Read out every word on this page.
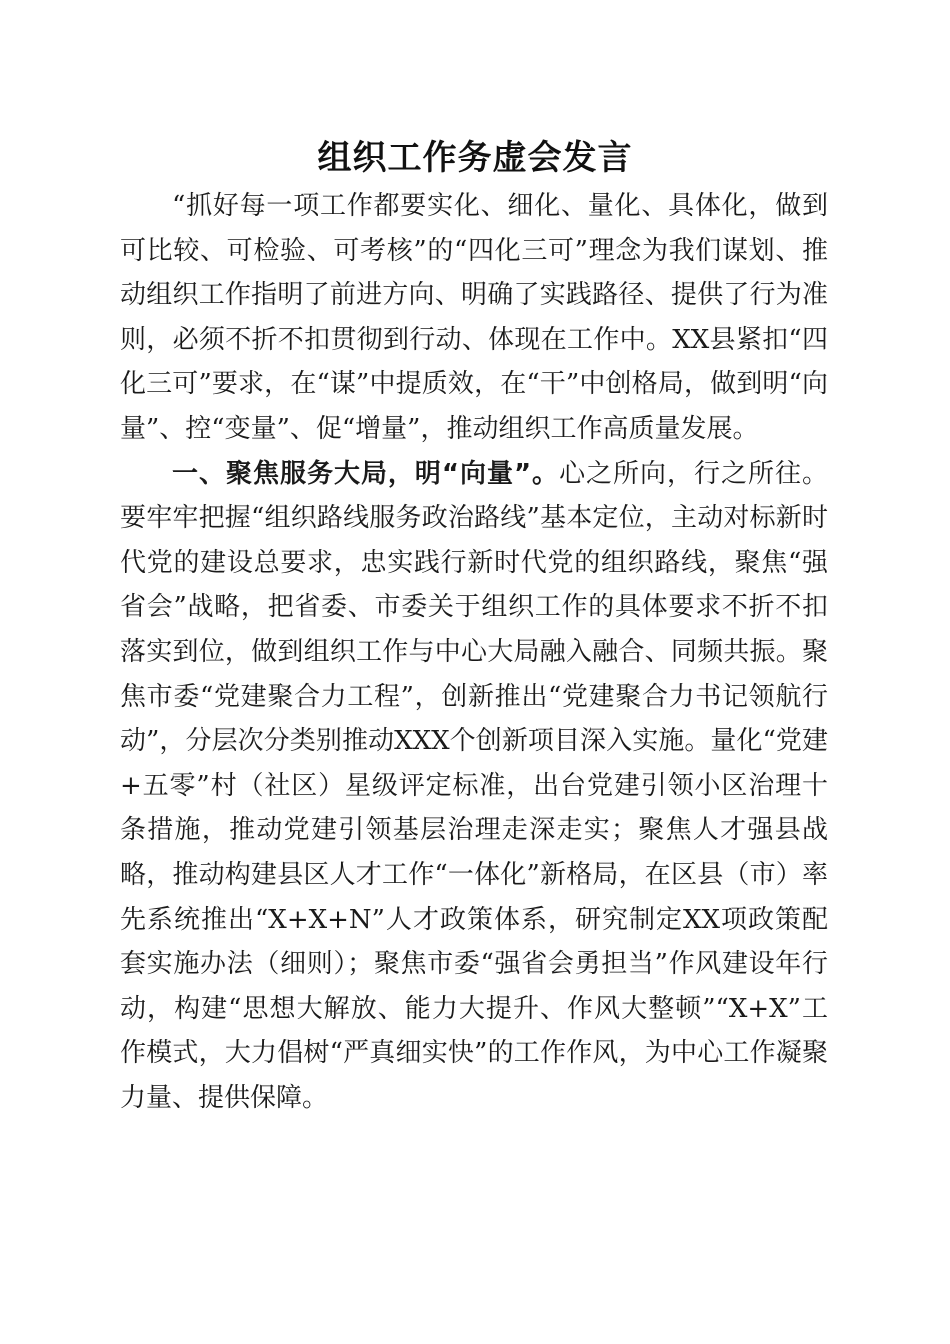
组织工作务虚会发言

“抓好每一项工作都要实化、细化、量化、具体化，做到可比较、可检验、可考核”的“四化三可”理念为我们谋划、推动组织工作指明了前进方向、明确了实践路径、提供了行为准则，必须不折不扣贯彻到行动、体现在工作中。XX县紧扣“四化三可”要求，在“谋”中提质效，在“干”中创格局，做到明“向量”、控“变量”、促“增量”，推动组织工作高质量发展。

一、聚焦服务大局，明“向量”。心之所向，行之所往。要牢牢把握“组织路线服务政治路线”基本定位，主动对标新时代党的建设总要求，忠实践行新时代党的组织路线，聚焦“强省会”战略，把省委、市委关于组织工作的具体要求不折不扣落实到位，做到组织工作与中心大局融入融合、同频共振。聚焦市委“党建聚合力工程”，创新推出“党建聚合力书记领航行动”，分层次分类别推动XXX个创新项目深入实施。量化“党建+五零”村（社区）星级评定标准，出台党建引领小区治理十条措施，推动党建引领基层治理走深走实；聚焦人才强县战略，推动构建县区人才工作“一体化”新格局，在区县（市）率先系统推出“X+X+N”人才政策体系，研究制定XX项政策配套实施办法（细则）；聚焦市委“强省会勇担当”作风建设年行动，构建“思想大解放、能力大提升、作风大整顿”“X+X”工作模式，大力倡树“严真细实快”的工作作风，为中心工作凝聚力量、提供保障。
